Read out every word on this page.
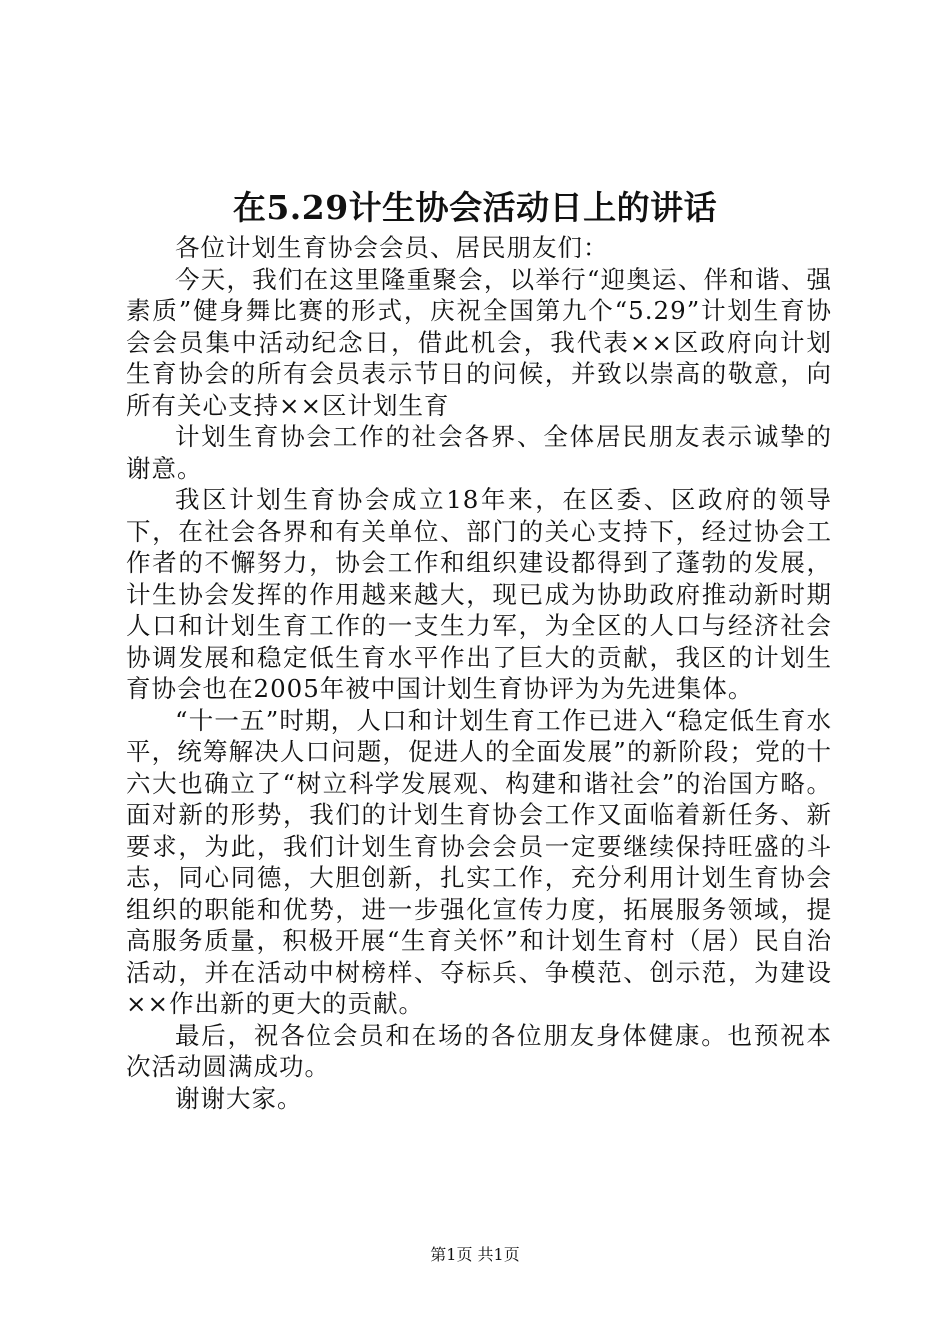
在5.29计生协会活动日上的讲话

各位计划生育协会会员、居民朋友们：

今天，我们在这里隆重聚会，以举行“迎奥运、伴和谐、强素质”健身舞比赛的形式，庆祝全国第九个“5.29”计划生育协会会员集中活动纪念日，借此机会，我代表××区政府向计划生育协会的所有会员表示节日的问候，并致以崇高的敬意，向所有关心支持××区计划生育

计划生育协会工作的社会各界、全体居民朋友表示诚挚的谢意。

我区计划生育协会成立18年来，在区委、区政府的领导下，在社会各界和有关单位、部门的关心支持下，经过协会工作者的不懈努力，协会工作和组织建设都得到了蓬勃的发展，计生协会发挥的作用越来越大，现已成为协助政府推动新时期人口和计划生育工作的一支生力军，为全区的人口与经济社会协调发展和稳定低生育水平作出了巨大的贡献，我区的计划生育协会也在2005年被中国计划生育协评为为先进集体。

“十一五”时期，人口和计划生育工作已进入“稳定低生育水平，统筹解决人口问题，促进人的全面发展”的新阶段；党的十六大也确立了“树立科学发展观、构建和谐社会”的治国方略。面对新的形势，我们的计划生育协会工作又面临着新任务、新要求，为此，我们计划生育协会会员一定要继续保持旺盛的斗志，同心同德，大胆创新，扎实工作，充分利用计划生育协会组织的职能和优势，进一步强化宣传力度，拓展服务领域，提高服务质量，积极开展“生育关怀”和计划生育村（居）民自治活动，并在活动中树榜样、夺标兵、争模范、创示范，为建设××作出新的更大的贡献。

最后，祝各位会员和在场的各位朋友身体健康。也预祝本次活动圆满成功。

谢谢大家。

第1页 共1页
